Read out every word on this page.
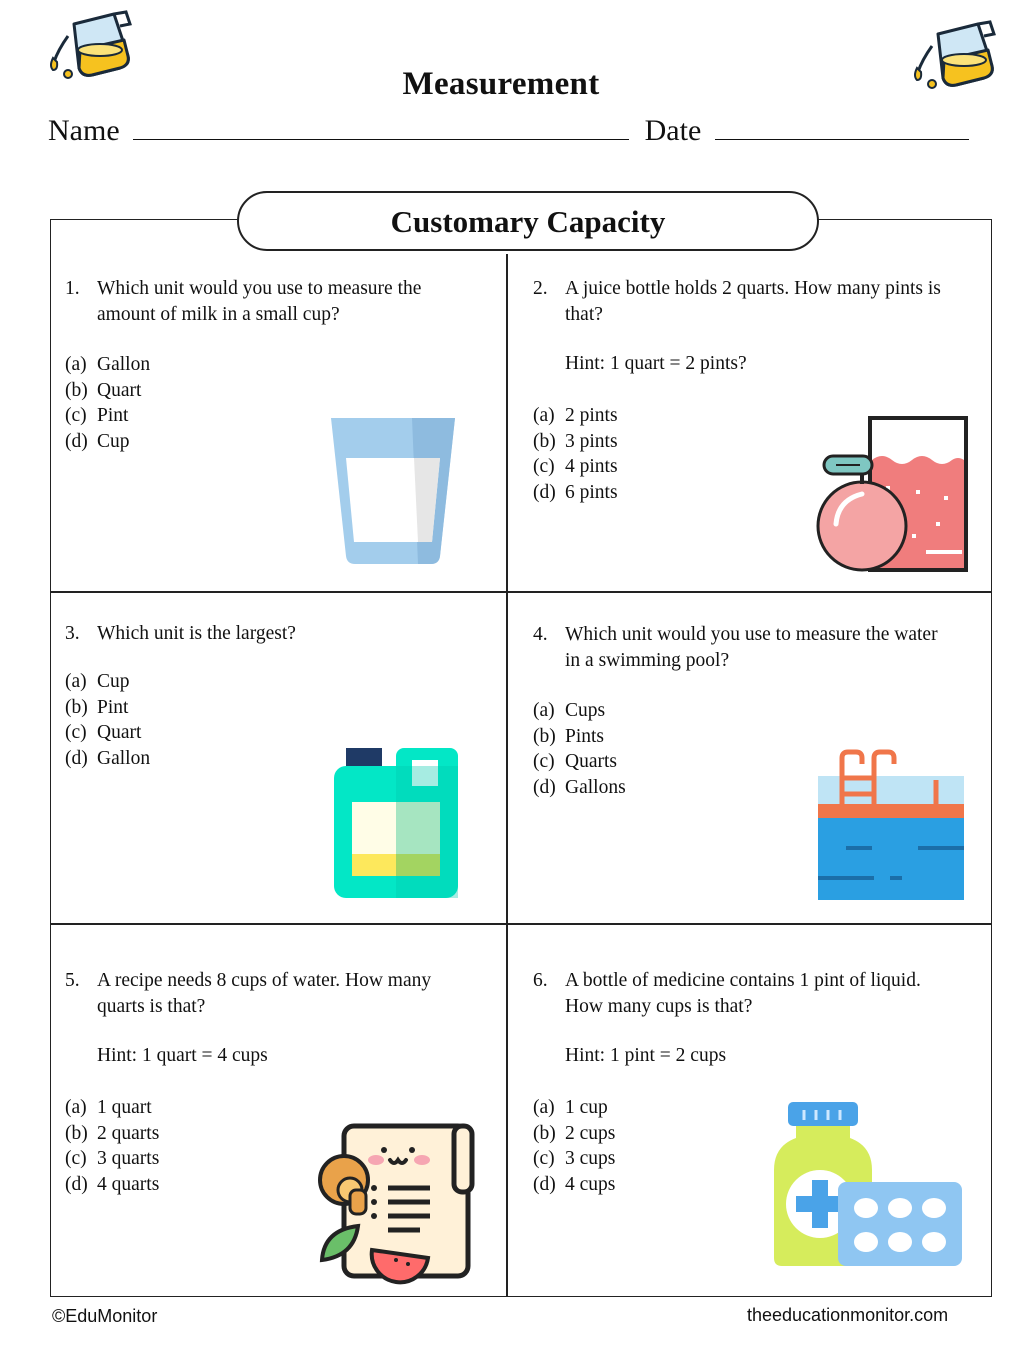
Measurement
Name	Date
Customary Capacity
1. Which unit would you use to measure the
amount of milk in a small cup?
(a) Gallon
(b) Quart
(c) Pint
(d) Cup
2. A juice bottle holds 2 quarts. How many pints is
that?
Hint: 1 quart = 2 pints?
(a) 2 pints
(b) 3 pints
(c) 4 pints
(d) 6 pints
3. Which unit is the largest?
(a) Cup
(b) Pint
(c) Quart
(d) Gallon
4. Which unit would you use to measure the water
in a swimming pool?
(a) Cups
(b) Pints
(c) Quarts
(d) Gallons
5. A recipe needs 8 cups of water. How many
quarts is that?
Hint: 1 quart = 4 cups
(a) 1 quart
(b) 2 quarts
(c) 3 quarts
(d) 4 quarts
6. A bottle of medicine contains 1 pint of liquid.
How many cups is that?
Hint: 1 pint = 2 cups
(a) 1 cup
(b) 2 cups
(c) 3 cups
(d) 4 cups
©EduMonitor	theeducationmonitor.com
